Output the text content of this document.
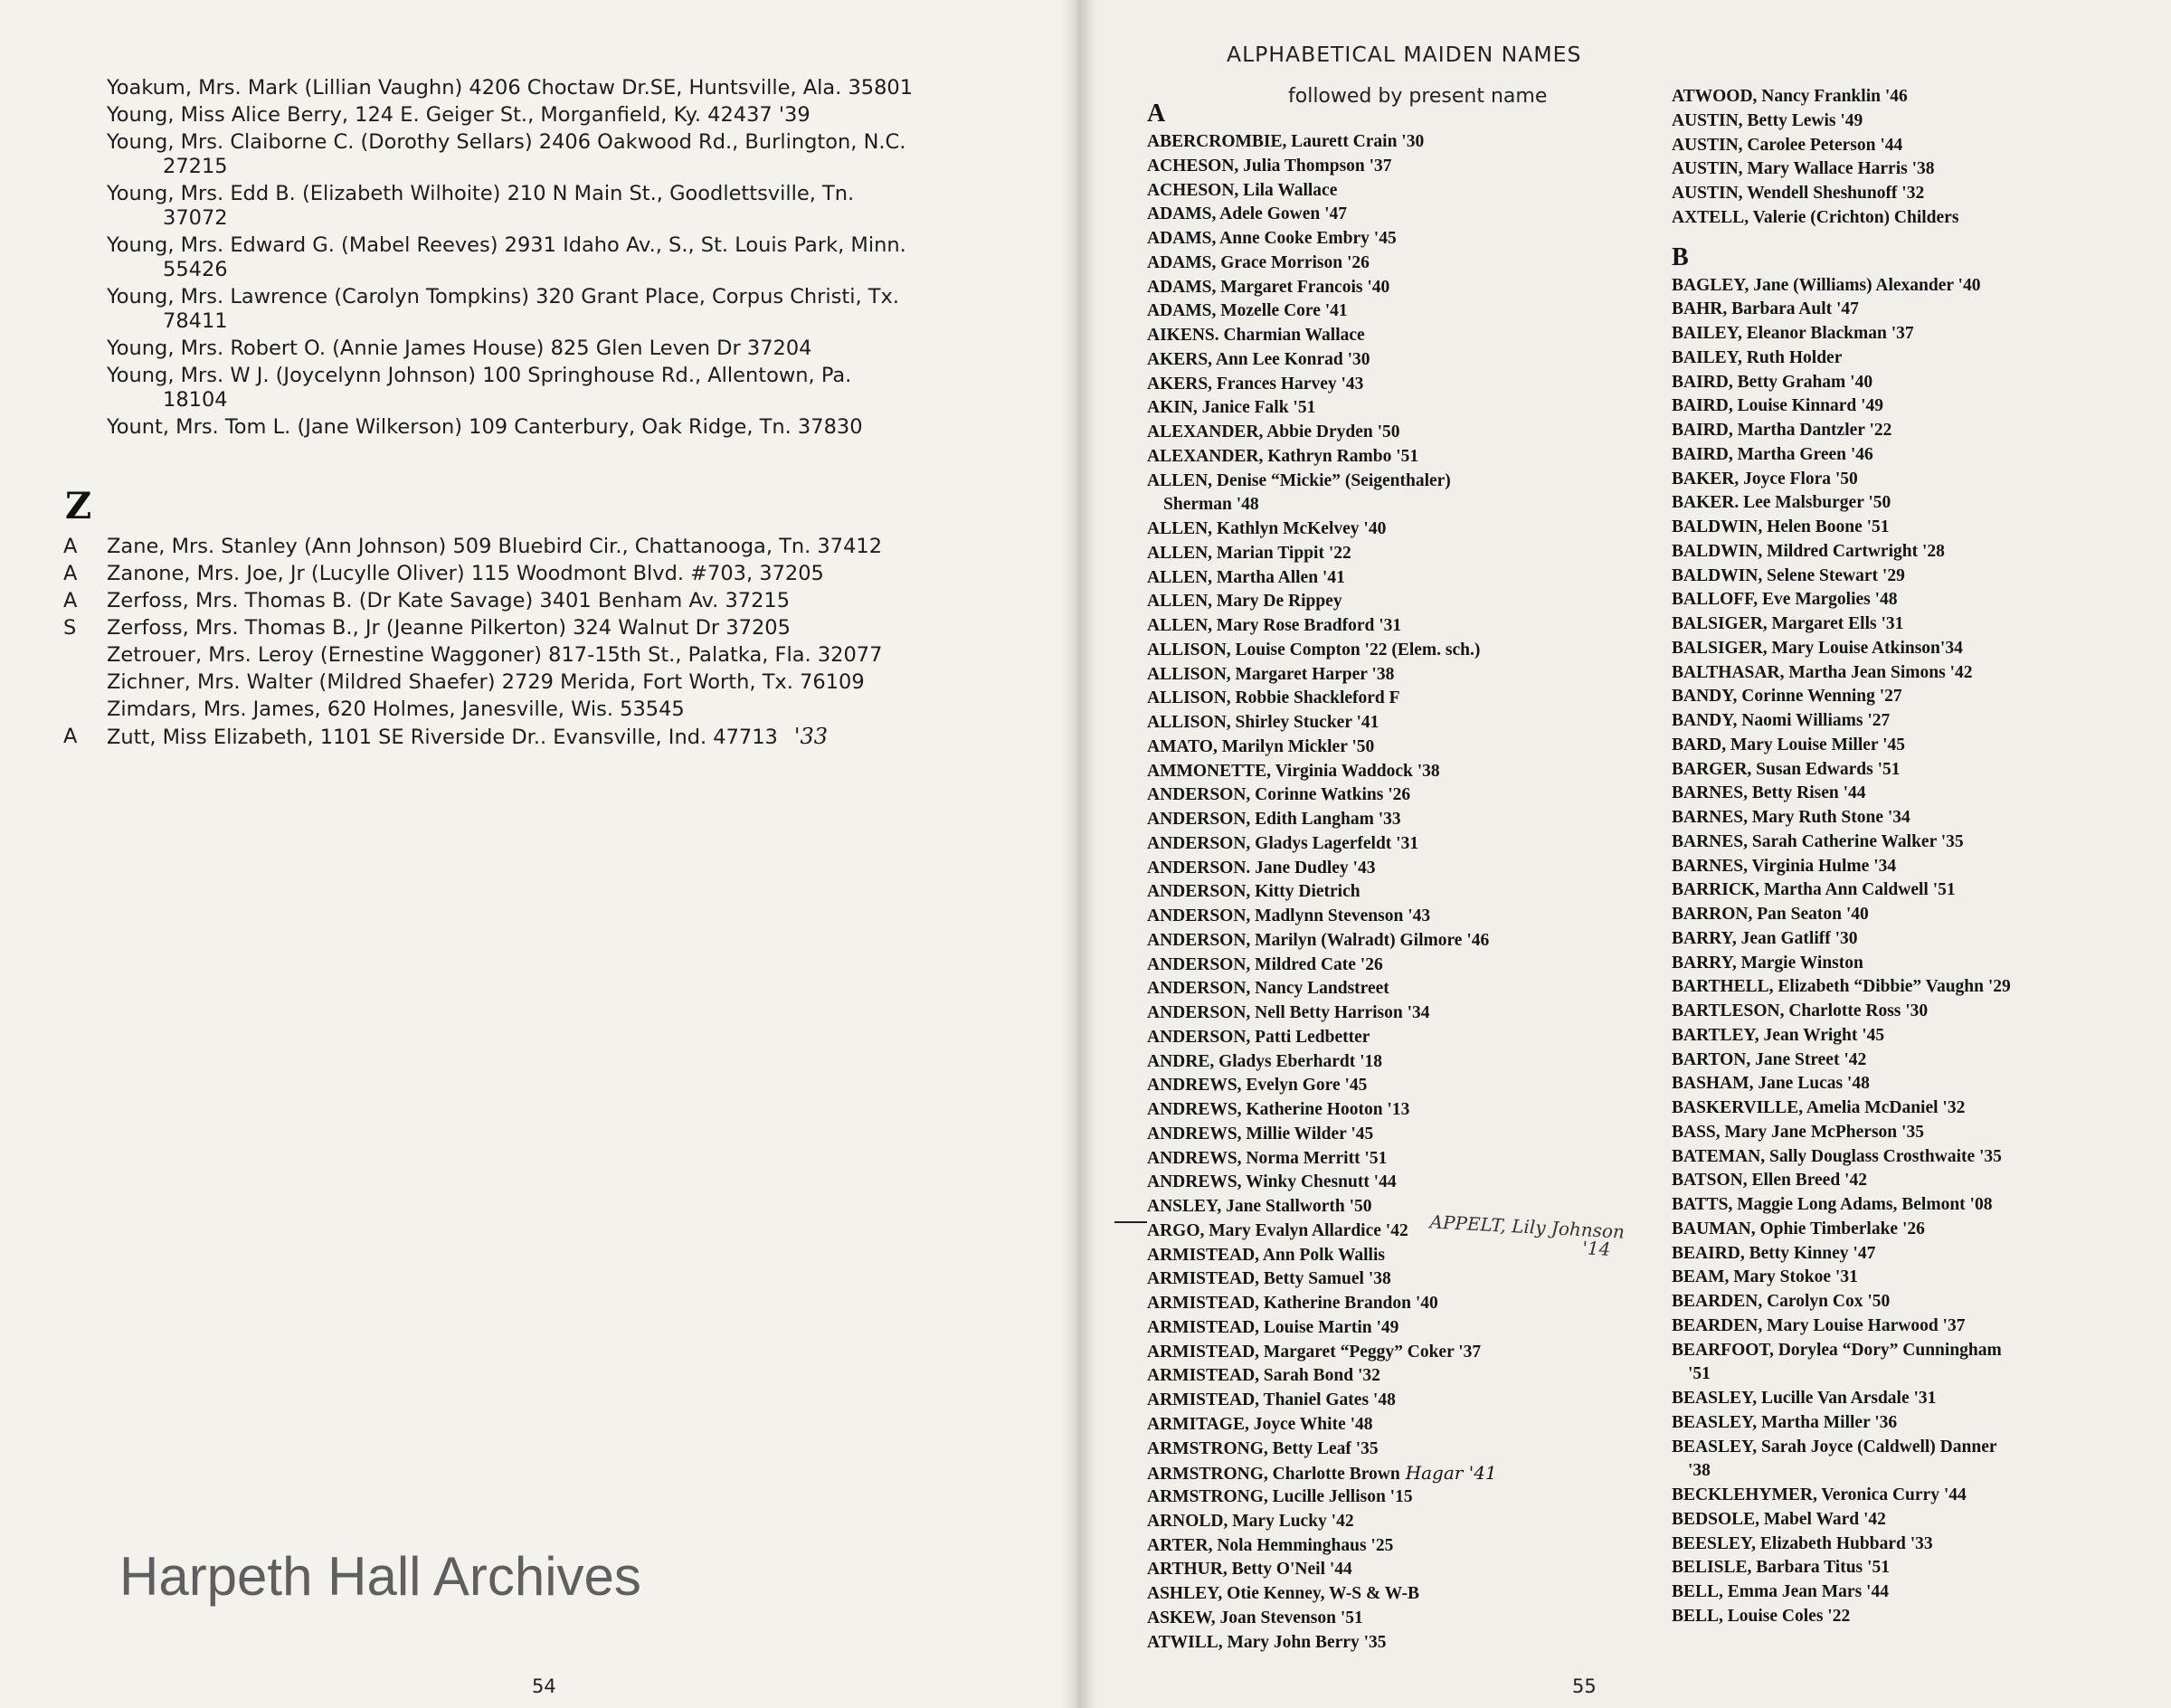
Yoakum, Mrs. Mark (Lillian Vaughn) 4206 Choctaw Dr.SE, Huntsville, Ala. 35801
Young, Miss Alice Berry, 124 E. Geiger St., Morganfield, Ky. 42437 '39
Young, Mrs. Claiborne C. (Dorothy Sellars) 2406 Oakwood Rd., Burlington, N.C.
27215
Young, Mrs. Edd B. (Elizabeth Wilhoite) 210 N Main St., Goodlettsville, Tn.
37072
Young, Mrs. Edward G. (Mabel Reeves) 2931 Idaho Av., S., St. Louis Park, Minn.
55426
Young, Mrs. Lawrence (Carolyn Tompkins) 320 Grant Place, Corpus Christi, Tx.
78411
Young, Mrs. Robert O. (Annie James House) 825 Glen Leven Dr 37204
Young, Mrs. W J. (Joycelynn Johnson) 100 Springhouse Rd., Allentown, Pa.
18104
Yount, Mrs. Tom L. (Jane Wilkerson) 109 Canterbury, Oak Ridge, Tn. 37830
Z
A	Zane, Mrs. Stanley (Ann Johnson) 509 Bluebird Cir., Chattanooga, Tn. 37412
A	Zanone, Mrs. Joe, Jr (Lucylle Oliver) 115 Woodmont Blvd. #703, 37205
A	Zerfoss, Mrs. Thomas B. (Dr Kate Savage) 3401 Benham Av. 37215
S	Zerfoss, Mrs. Thomas B., Jr (Jeanne Pilkerton) 324 Walnut Dr 37205
Zetrouer, Mrs. Leroy (Ernestine Waggoner) 817-15th St., Palatka, Fla. 32077
Zichner, Mrs. Walter (Mildred Shaefer) 2729 Merida, Fort Worth, Tx. 76109
Zimdars, Mrs. James, 620 Holmes, Janesville, Wis. 53545
A	Zutt, Miss Elizabeth, 1101 SE Riverside Dr.. Evansville, Ind. 47713 '33
Harpeth Hall Archives
54
ALPHABETICAL MAIDEN NAMES
followed by present name
A
ABERCROMBIE, Laurett Crain '30
ACHESON, Julia Thompson '37
ACHESON, Lila Wallace
ADAMS, Adele Gowen '47
ADAMS, Anne Cooke Embry '45
ADAMS, Grace Morrison '26
ADAMS, Margaret Francois '40
ADAMS, Mozelle Core '41
AIKENS. Charmian Wallace
AKERS, Ann Lee Konrad '30
AKERS, Frances Harvey '43
AKIN, Janice Falk '51
ALEXANDER, Abbie Dryden '50
ALEXANDER, Kathryn Rambo '51
ALLEN, Denise “Mickie” (Seigenthaler)
Sherman '48
ALLEN, Kathlyn McKelvey '40
ALLEN, Marian Tippit '22
ALLEN, Martha Allen '41
ALLEN, Mary De Rippey
ALLEN, Mary Rose Bradford '31
ALLISON, Louise Compton '22 (Elem. sch.)
ALLISON, Margaret Harper '38
ALLISON, Robbie Shackleford F
ALLISON, Shirley Stucker '41
AMATO, Marilyn Mickler '50
AMMONETTE, Virginia Waddock '38
ANDERSON, Corinne Watkins '26
ANDERSON, Edith Langham '33
ANDERSON, Gladys Lagerfeldt '31
ANDERSON. Jane Dudley '43
ANDERSON, Kitty Dietrich
ANDERSON, Madlynn Stevenson '43
ANDERSON, Marilyn (Walradt) Gilmore '46
ANDERSON, Mildred Cate '26
ANDERSON, Nancy Landstreet
ANDERSON, Nell Betty Harrison '34
ANDERSON, Patti Ledbetter
ANDRE, Gladys Eberhardt '18
ANDREWS, Evelyn Gore '45
ANDREWS, Katherine Hooton '13
ANDREWS, Millie Wilder '45
ANDREWS, Norma Merritt '51
ANDREWS, Winky Chesnutt '44
ANSLEY, Jane Stallworth '50
ARGO, Mary Evalyn Allardice '42
ARMISTEAD, Ann Polk Wallis
ARMISTEAD, Betty Samuel '38
ARMISTEAD, Katherine Brandon '40
ARMISTEAD, Louise Martin '49
ARMISTEAD, Margaret “Peggy” Coker '37
ARMISTEAD, Sarah Bond '32
ARMISTEAD, Thaniel Gates '48
ARMITAGE, Joyce White '48
ARMSTRONG, Betty Leaf '35
ARMSTRONG, Charlotte Brown Hagar '41
ARMSTRONG, Lucille Jellison '15
ARNOLD, Mary Lucky '42
ARTER, Nola Hemminghaus '25
ARTHUR, Betty O'Neil '44
ASHLEY, Otie Kenney, W-S & W-B
ASKEW, Joan Stevenson '51
ATWILL, Mary John Berry '35
ATWOOD, Nancy Franklin '46
AUSTIN, Betty Lewis '49
AUSTIN, Carolee Peterson '44
AUSTIN, Mary Wallace Harris '38
AUSTIN, Wendell Sheshunoff '32
AXTELL, Valerie (Crichton) Childers
B
BAGLEY, Jane (Williams) Alexander '40
BAHR, Barbara Ault '47
BAILEY, Eleanor Blackman '37
BAILEY, Ruth Holder
BAIRD, Betty Graham '40
BAIRD, Louise Kinnard '49
BAIRD, Martha Dantzler '22
BAIRD, Martha Green '46
BAKER, Joyce Flora '50
BAKER. Lee Malsburger '50
BALDWIN, Helen Boone '51
BALDWIN, Mildred Cartwright '28
BALDWIN, Selene Stewart '29
BALLOFF, Eve Margolies '48
BALSIGER, Margaret Ells '31
BALSIGER, Mary Louise Atkinson'34
BALTHASAR, Martha Jean Simons '42
BANDY, Corinne Wenning '27
BANDY, Naomi Williams '27
BARD, Mary Louise Miller '45
BARGER, Susan Edwards '51
BARNES, Betty Risen '44
BARNES, Mary Ruth Stone '34
BARNES, Sarah Catherine Walker '35
BARNES, Virginia Hulme '34
BARRICK, Martha Ann Caldwell '51
BARRON, Pan Seaton '40
BARRY, Jean Gatliff '30
BARRY, Margie Winston
BARTHELL, Elizabeth “Dibbie” Vaughn '29
BARTLESON, Charlotte Ross '30
BARTLEY, Jean Wright '45
BARTON, Jane Street '42
BASHAM, Jane Lucas '48
BASKERVILLE, Amelia McDaniel '32
BASS, Mary Jane McPherson '35
BATEMAN, Sally Douglass Crosthwaite '35
BATSON, Ellen Breed '42
BATTS, Maggie Long Adams, Belmont '08
BAUMAN, Ophie Timberlake '26
BEAIRD, Betty Kinney '47
BEAM, Mary Stokoe '31
BEARDEN, Carolyn Cox '50
BEARDEN, Mary Louise Harwood '37
BEARFOOT, Dorylea “Dory” Cunningham
'51
BEASLEY, Lucille Van Arsdale '31
BEASLEY, Martha Miller '36
BEASLEY, Sarah Joyce (Caldwell) Danner
'38
BECKLEHYMER, Veronica Curry '44
BEDSOLE, Mabel Ward '42
BEESLEY, Elizabeth Hubbard '33
BELISLE, Barbara Titus '51
BELL, Emma Jean Mars '44
BELL, Louise Coles '22
APPELT, Lily Johnson
'14
55
